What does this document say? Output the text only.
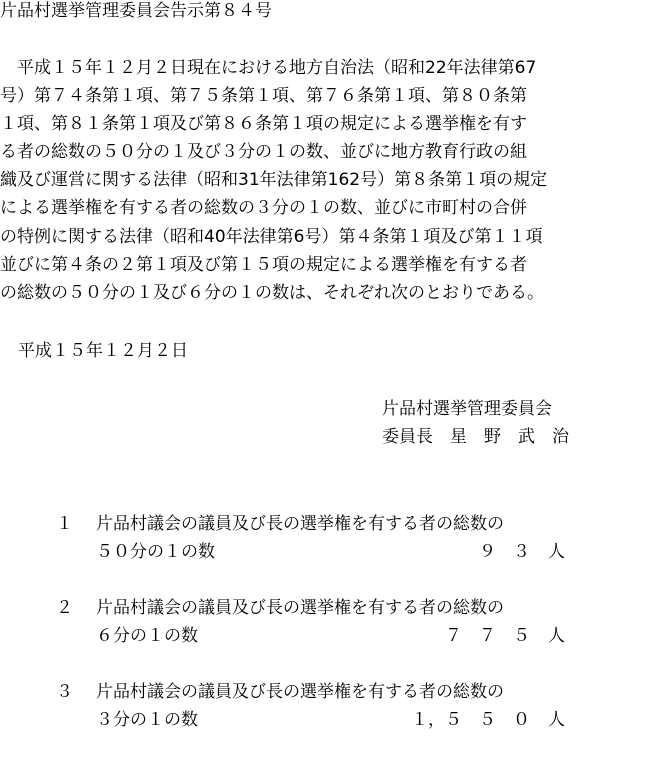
片品村選挙管理委員会告示第８４号
　平成１５年１２月２日現在における地方自治法（昭和22年法律第67
号）第７４条第１項、第７５条第１項、第７６条第１項、第８０条第
１項、第８１条第１項及び第８６条第１項の規定による選挙権を有す
る者の総数の５０分の１及び３分の１の数、並びに地方教育行政の組
織及び運営に関する法律（昭和31年法律第162号）第８条第１項の規定
による選挙権を有する者の総数の３分の１の数、並びに市町村の合併
の特例に関する法律（昭和40年法律第6号）第４条第１項及び第１１項
並びに第４条の２第１項及び第１５項の規定による選挙権を有する者
の総数の５０分の１及び６分の１の数は、それぞれ次のとおりである。
平成１５年１２月２日
片品村選挙管理委員会
委員長　星　野　武　治
１ 片品村議会の議員及び長の選挙権を有する者の総数の
５０分の１の数	９　３ 人
２ 片品村議会の議員及び長の選挙権を有する者の総数の
６分の１の数	７　７　５ 人
３ 片品村議会の議員及び長の選挙権を有する者の総数の
３分の１の数	１，５　５　０ 人
